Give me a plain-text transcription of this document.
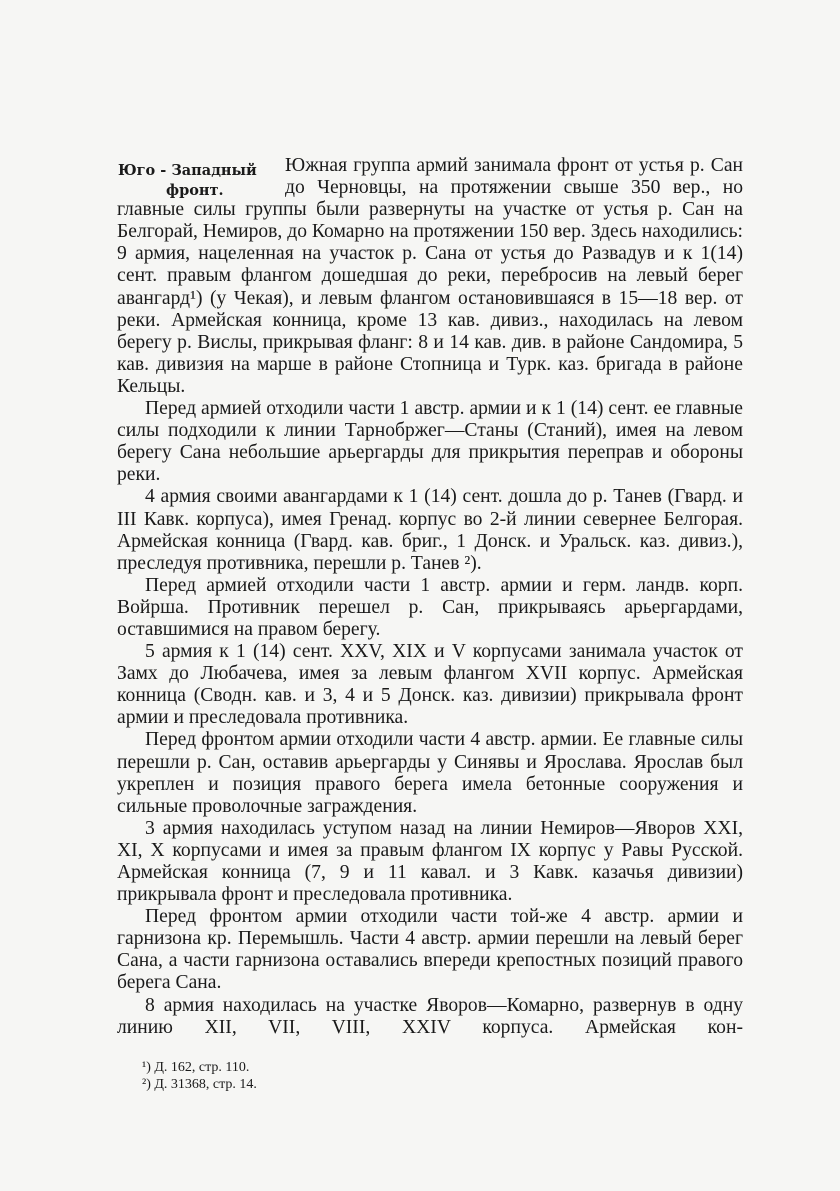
Юго - Западный
фронт.

Южная группа армий занимала фронт от устья р. Сан до Черновцы, на протяжении свыше 350 вер., но главные силы группы были развернуты на участке от устья р. Сан на Белгорай, Немиров, до Комарно на протяжении 150 вер. Здесь находились: 9 армия, нацеленная на участок р. Сана от устья до Развадув и к 1(14) сент. правым флангом дошедшая до реки, перебросив на левый берег авангард¹) (у Чекая), и левым флангом остановившаяся в 15—18 вер. от реки. Армейская конница, кроме 13 кав. дивиз., находилась на левом берегу р. Вислы, прикрывая фланг: 8 и 14 кав. див. в районе Сандомира, 5 кав. дивизия на марше в районе Стопница и Турк. каз. бригада в районе Кельцы.

Перед армией отходили части 1 австр. армии и к 1 (14) сент. ее главные силы подходили к линии Тарнобржег—Станы (Станий), имея на левом берегу Сана небольшие арьергарды для прикрытия переправ и обороны реки.

4 армия своими авангардами к 1 (14) сент. дошла до р. Танев (Гвард. и III Кавк. корпуса), имея Гренад. корпус во 2-й линии севернее Белгорая. Армейская конница (Гвард. кав. бриг., 1 Донск. и Уральск. каз. дивиз.), преследуя противника, перешли р. Танев ²).

Перед армией отходили части 1 австр. армии и герм. ландв. корп. Войрша. Противник перешел р. Сан, прикрываясь арьергардами, оставшимися на правом берегу.

5 армия к 1 (14) сент. XXV, XIX и V корпусами занимала участок от Замх до Любачева, имея за левым флангом XVII корпус. Армейская конница (Сводн. кав. и 3, 4 и 5 Донск. каз. дивизии) прикрывала фронт армии и преследовала противника.

Перед фронтом армии отходили части 4 австр. армии. Ее главные силы перешли р. Сан, оставив арьергарды у Синявы и Ярослава. Ярослав был укреплен и позиция правого берега имела бетонные сооружения и сильные проволочные заграждения.

3 армия находилась уступом назад на линии Немиров—Яворов XXI, XI, X корпусами и имея за правым флангом IX корпус у Равы Русской. Армейская конница (7, 9 и 11 кавал. и 3 Кавк. казачья дивизии) прикрывала фронт и преследовала противника.

Перед фронтом армии отходили части той-же 4 австр. армии и гарнизона кр. Перемышль. Части 4 австр. армии перешли на левый берег Сана, а части гарнизона оставались впереди крепостных позиций правого берега Сана.

8 армия находилась на участке Яворов—Комарно, развернув в одну линию XII, VII, VIII, XXIV корпуса. Армейская кон-

¹) Д. 162, стр. 110.
²) Д. 31368, стр. 14.
